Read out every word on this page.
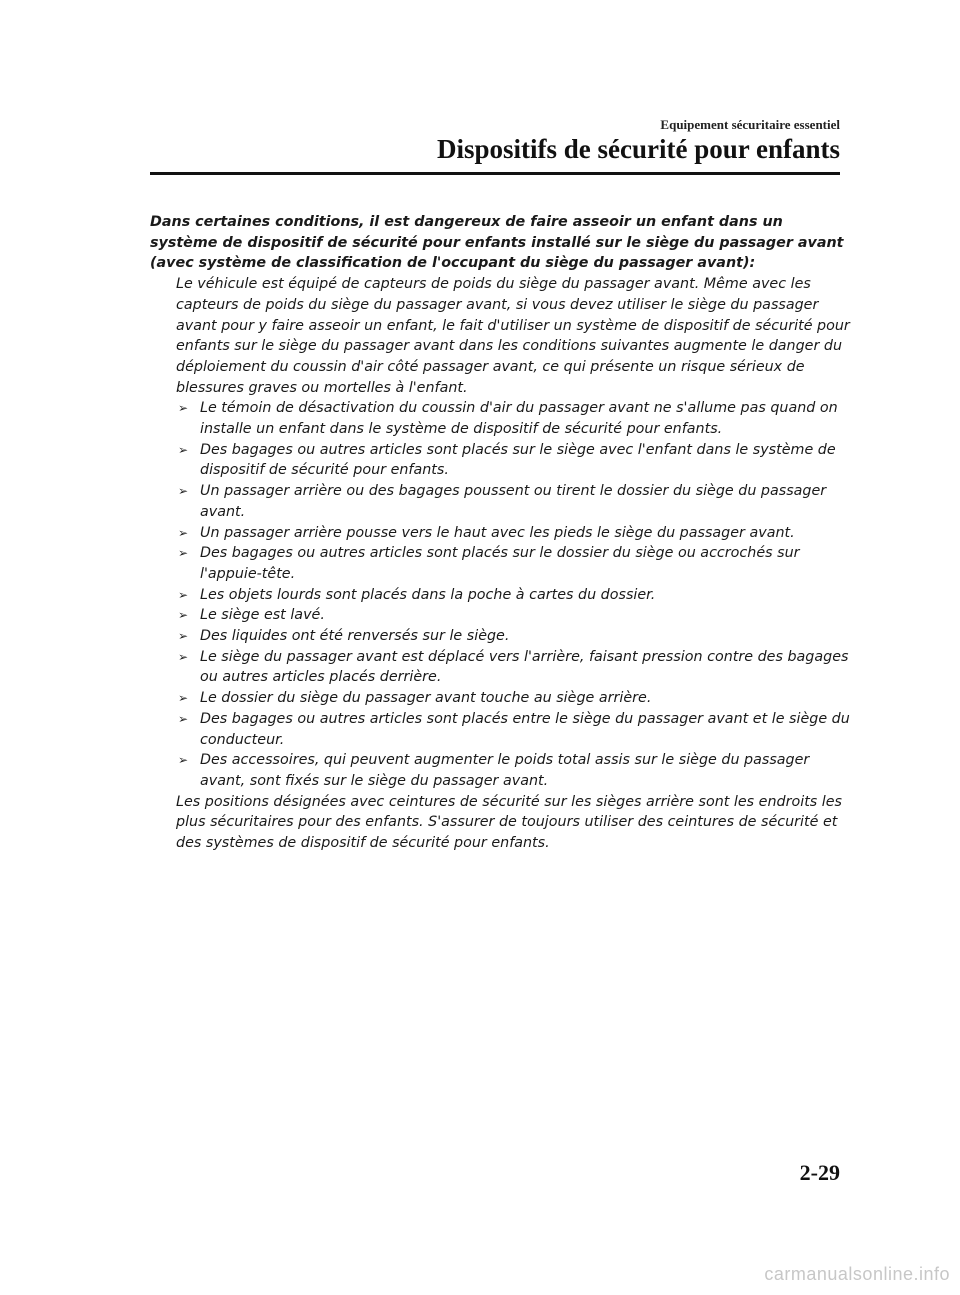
Equipement sécuritaire essentiel
Dispositifs de sécurité pour enfants

Dans certaines conditions, il est dangereux de faire asseoir un enfant dans un système de dispositif de sécurité pour enfants installé sur le siège du passager avant (avec système de classification de l'occupant du siège du passager avant):

Le véhicule est équipé de capteurs de poids du siège du passager avant. Même avec les capteurs de poids du siège du passager avant, si vous devez utiliser le siège du passager avant pour y faire asseoir un enfant, le fait d'utiliser un système de dispositif de sécurité pour enfants sur le siège du passager avant dans les conditions suivantes augmente le danger du déploiement du coussin d'air côté passager avant, ce qui présente un risque sérieux de blessures graves ou mortelles à l'enfant.

➢ Le témoin de désactivation du coussin d'air du passager avant ne s'allume pas quand on installe un enfant dans le système de dispositif de sécurité pour enfants.
➢ Des bagages ou autres articles sont placés sur le siège avec l'enfant dans le système de dispositif de sécurité pour enfants.
➢ Un passager arrière ou des bagages poussent ou tirent le dossier du siège du passager avant.
➢ Un passager arrière pousse vers le haut avec les pieds le siège du passager avant.
➢ Des bagages ou autres articles sont placés sur le dossier du siège ou accrochés sur l'appuie-tête.
➢ Les objets lourds sont placés dans la poche à cartes du dossier.
➢ Le siège est lavé.
➢ Des liquides ont été renversés sur le siège.
➢ Le siège du passager avant est déplacé vers l'arrière, faisant pression contre des bagages ou autres articles placés derrière.
➢ Le dossier du siège du passager avant touche au siège arrière.
➢ Des bagages ou autres articles sont placés entre le siège du passager avant et le siège du conducteur.
➢ Des accessoires, qui peuvent augmenter le poids total assis sur le siège du passager avant, sont fixés sur le siège du passager avant.

Les positions désignées avec ceintures de sécurité sur les sièges arrière sont les endroits les plus sécuritaires pour des enfants. S'assurer de toujours utiliser des ceintures de sécurité et des systèmes de dispositif de sécurité pour enfants.

2-29
carmanualsonline.info
